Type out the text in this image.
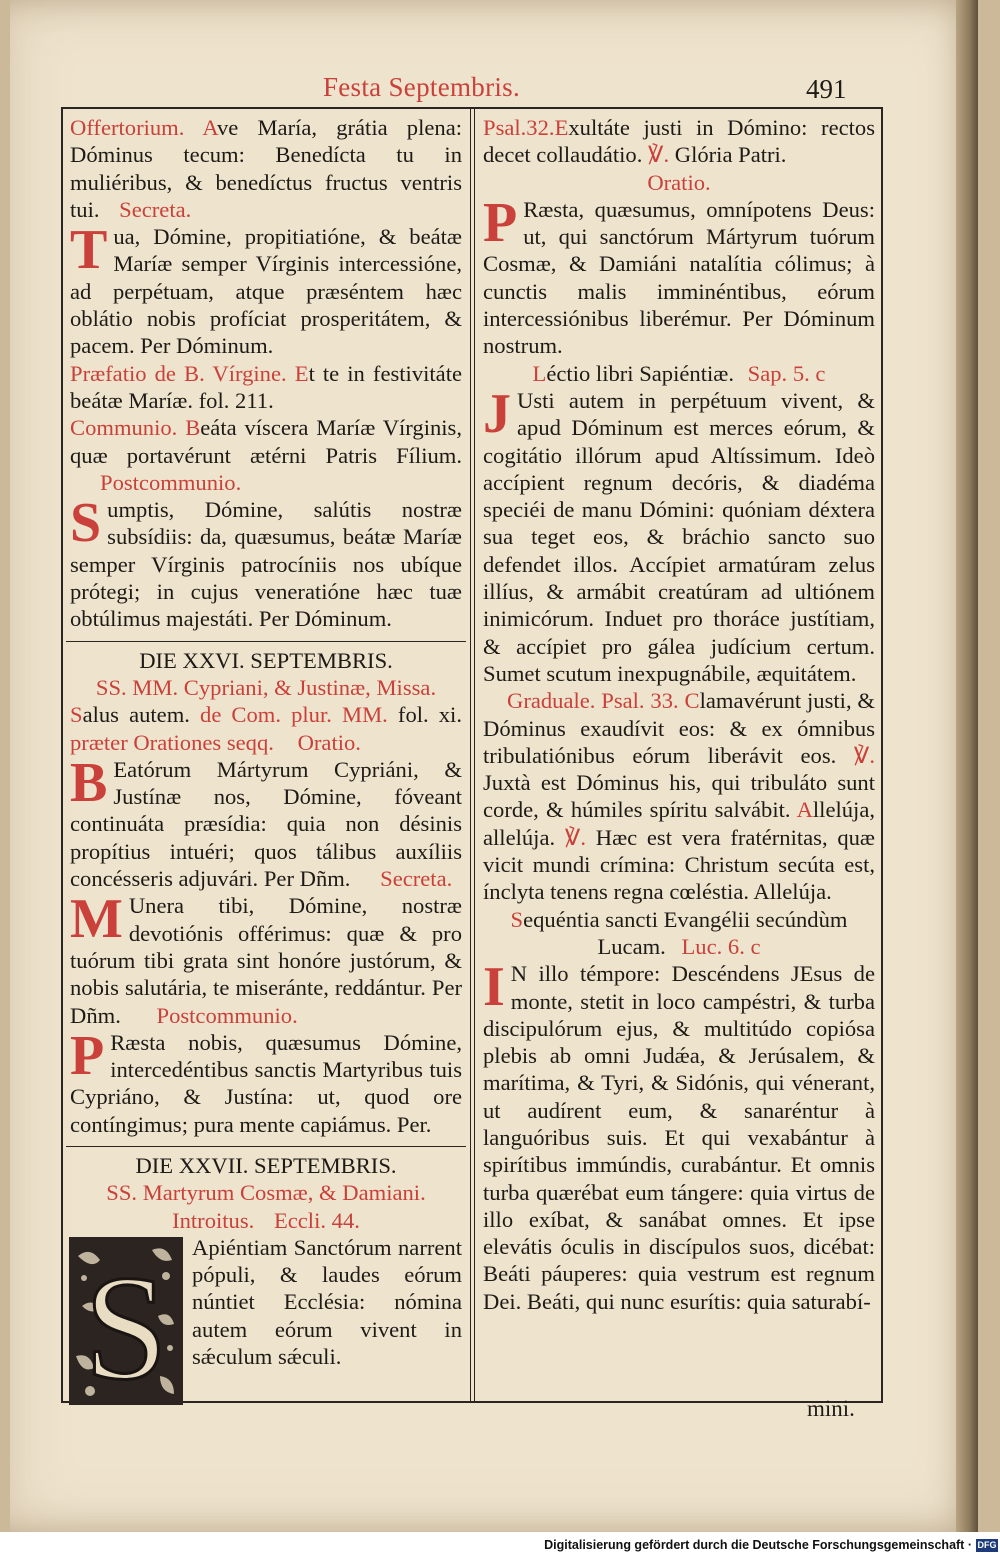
Festa Septembris.	491

Offertorium. Ave María, grátia plena: Dóminus tecum: Benedícta tu in muliéribus, & benedíctus fructus ventris tui. Secreta.

Tua, Dómine, propitiatióne, & beátæ Maríæ semper Vírginis intercessióne, ad perpétuam, atque præséntem hæc oblátio nobis profíciat prosperitátem, & pacem. Per Dóminum.

Præfatio de B. Vírgine. Et te in festivitáte beátæ Maríæ. fol. 211.

Communio. Beáta víscera Maríæ Vírginis, quæ portavérunt ætérni Patris Fílium. Postcommunio.

Sumptis, Dómine, salútis nostræ subsídiis: da, quæsumus, beátæ Maríæ semper Vírginis patrocíniis nos ubíque prótegi; in cujus veneratióne hæc tuæ obtúlimus majestáti. Per Dóminum.

DIE XXVI. SEPTEMBRIS.

SS. MM. Cypriani, & Justinæ, Missa.

Salus autem. de Com. plur. MM. fol. xi. præter Orationes seqq. Oratio.

B Eatórum Mártyrum Cypriáni, & Justínæ nos, Dómine, fóveant continuáta præsídia: quia non désinis propítius intuéri; quos tálibus auxíliis concésseris adjuvári. Per Dñm. Secreta.

M Unera tibi, Dómine, nostræ devotiónis offérimus: quæ & pro tuórum tibi grata sint honóre justórum, & nobis salutária, te miseránte, reddántur. Per Dñm. Postcommunio.

P Ræsta nobis, quæsumus Dómine, intercedéntibus sanctis Martyribus tuis Cypriáno, & Justína: ut, quod ore contíngimus; pura mente capiámus. Per.

DIE XXVII. SEPTEMBRIS.

SS. Martyrum Cosmæ, & Damiani.

Introitus. Eccli. 44.

S Apiéntiam Sanctórum narrent pópuli, & laudes eórum núntiet Ecclésia: nómina autem eórum vivent in sǽculum sǽculi.

Psal.32.Exultáte justi in Dómino: rectos decet collaudátio. ℣. Glória Patri.

Oratio.

P Ræsta, quæsumus, omnípotens Deus: ut, qui sanctórum Mártyrum tuórum Cosmæ, & Damiáni natalítia cólimus; à cunctis malis imminéntibus, eórum intercessiónibus liberémur. Per Dóminum nostrum.

Léctio libri Sapiéntiæ. Sap. 5. c

J Usti autem in perpétuum vivent, & apud Dóminum est merces eórum, & cogitátio illórum apud Altíssimum. Ideò accípient regnum decóris, & diadéma speciéi de manu Dómini: quóniam déxtera sua teget eos, & bráchio sancto suo defendet illos. Accípiet armatúram zelus illíus, & armábit creatúram ad ultiónem inimicórum. Induet pro thoráce justítiam, & accípiet pro gálea judícium certum. Sumet scutum inexpugnábile, æquitátem.

Graduale. Psal. 33. Clamavérunt justi, & Dóminus exaudívit eos: & ex ómnibus tribulatiónibus eórum liberávit eos. ℣. Juxtà est Dóminus his, qui tribuláto sunt corde, & húmiles spíritu salvábit. Allelúja, allelúja. ℣. Hæc est vera fratérnitas, quæ vicit mundi crímina: Christum secúta est, ínclyta tenens regna cœléstia. Allelúja.

Sequéntia sancti Evangélii secúndùm

Lucam. Luc. 6. c

I N illo témpore: Descéndens JEsus de monte, stetit in loco campéstri, & turba discipulórum ejus, & multitúdo copiósa plebis ab omni Judǽa, & Jerúsalem, & marítima, & Tyri, & Sidónis, qui vénerant, ut audírent eum, & sanaréntur à languóribus suis. Et qui vexabántur à spirítibus immúndis, curabántur. Et omnis turba quærébat eum tángere: quia virtus de illo exíbat, & sanábat omnes. Et ipse elevátis óculis in discípulos suos, dicébat: Beáti páuperes: quia vestrum est regnum Dei. Beáti, qui nunc esurítis: quia saturabí-

mini.
Digitalisierung gefördert durch die Deutsche Forschungsgemeinschaft · DFG
